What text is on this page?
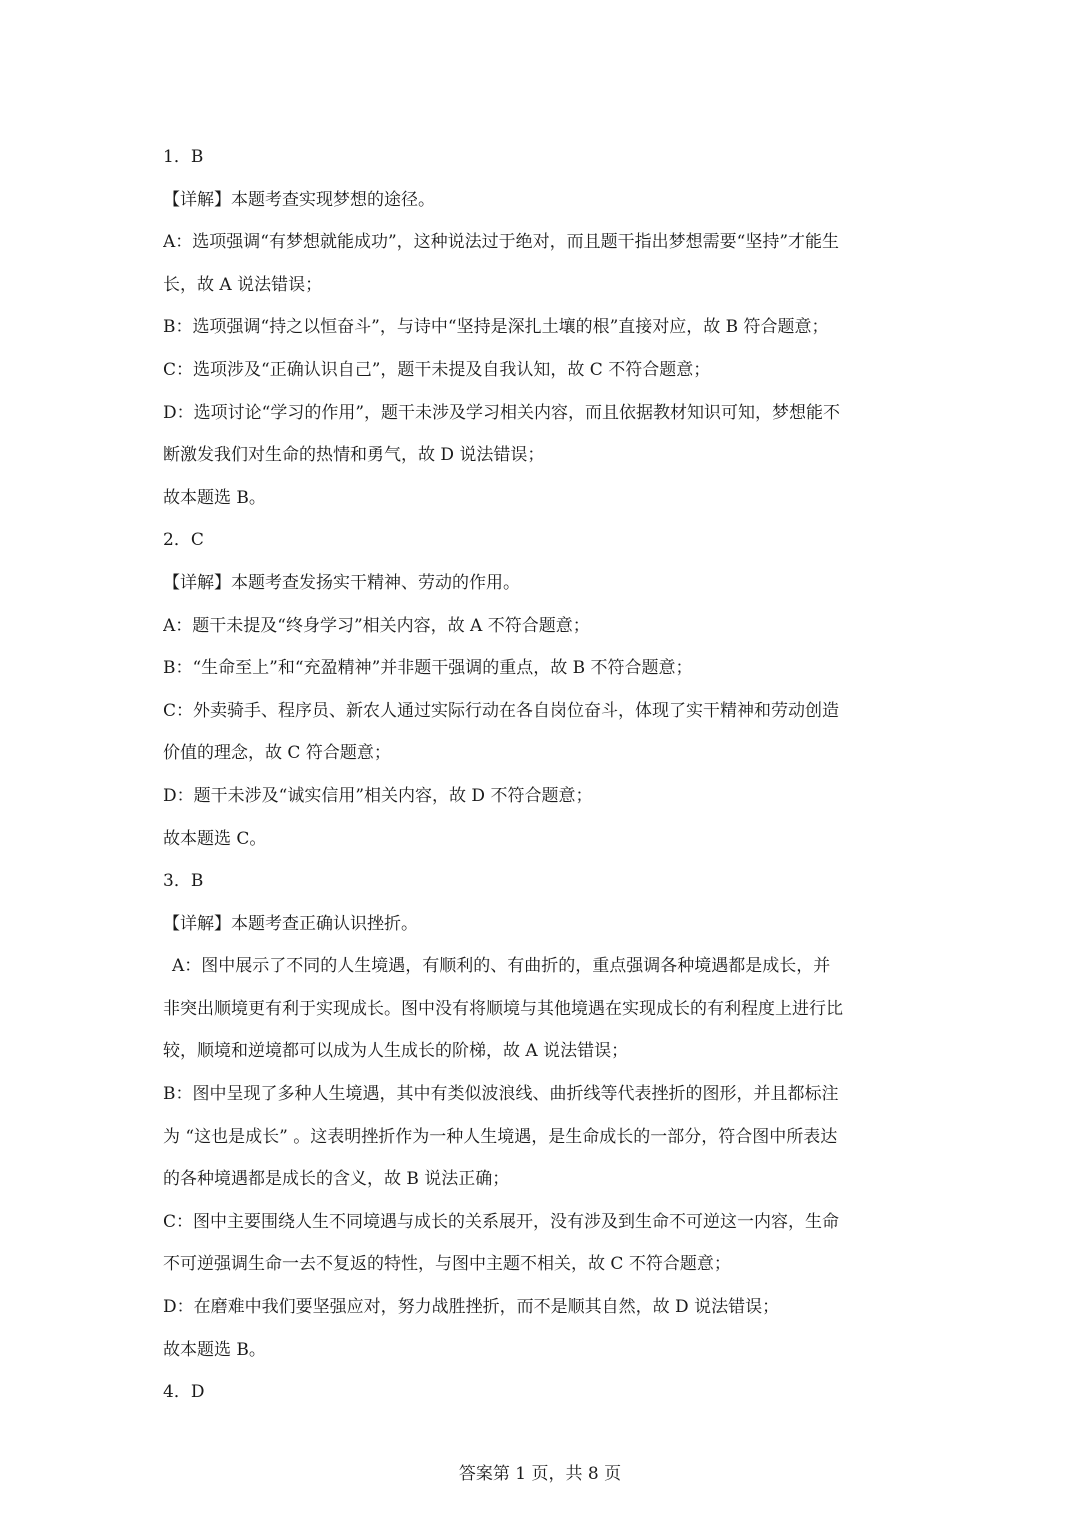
1．B
【详解】本题考查实现梦想的途径。
A：选项强调“有梦想就能成功”，这种说法过于绝对，而且题干指出梦想需要“坚持”才能生
长，故 A 说法错误；
B：选项强调“持之以恒奋斗”，与诗中“坚持是深扎土壤的根”直接对应，故 B 符合题意；
C：选项涉及“正确认识自己”，题干未提及自我认知，故 C 不符合题意；
D：选项讨论“学习的作用”，题干未涉及学习相关内容，而且依据教材知识可知，梦想能不
断激发我们对生命的热情和勇气，故 D 说法错误；
故本题选 B。
2．C
【详解】本题考查发扬实干精神、劳动的作用。
A：题干未提及“终身学习”相关内容，故 A 不符合题意；
B：“生命至上”和“充盈精神”并非题干强调的重点，故 B 不符合题意；
C：外卖骑手、程序员、新农人通过实际行动在各自岗位奋斗，体现了实干精神和劳动创造
价值的理念，故 C 符合题意；
D：题干未涉及“诚实信用”相关内容，故 D 不符合题意；
故本题选 C。
3．B
【详解】本题考查正确认识挫折。
A：图中展示了不同的人生境遇，有顺利的、有曲折的，重点强调各种境遇都是成长，并
非突出顺境更有利于实现成长。图中没有将顺境与其他境遇在实现成长的有利程度上进行比
较，顺境和逆境都可以成为人生成长的阶梯，故 A 说法错误；
B：图中呈现了多种人生境遇，其中有类似波浪线、曲折线等代表挫折的图形，并且都标注
为 “这也是成长” 。这表明挫折作为一种人生境遇，是生命成长的一部分，符合图中所表达
的各种境遇都是成长的含义，故 B 说法正确；
C：图中主要围绕人生不同境遇与成长的关系展开，没有涉及到生命不可逆这一内容，生命
不可逆强调生命一去不复返的特性，与图中主题不相关，故 C 不符合题意；
D：在磨难中我们要坚强应对，努力战胜挫折，而不是顺其自然，故 D 说法错误；
故本题选 B。
4．D
答案第 1 页，共 8 页
